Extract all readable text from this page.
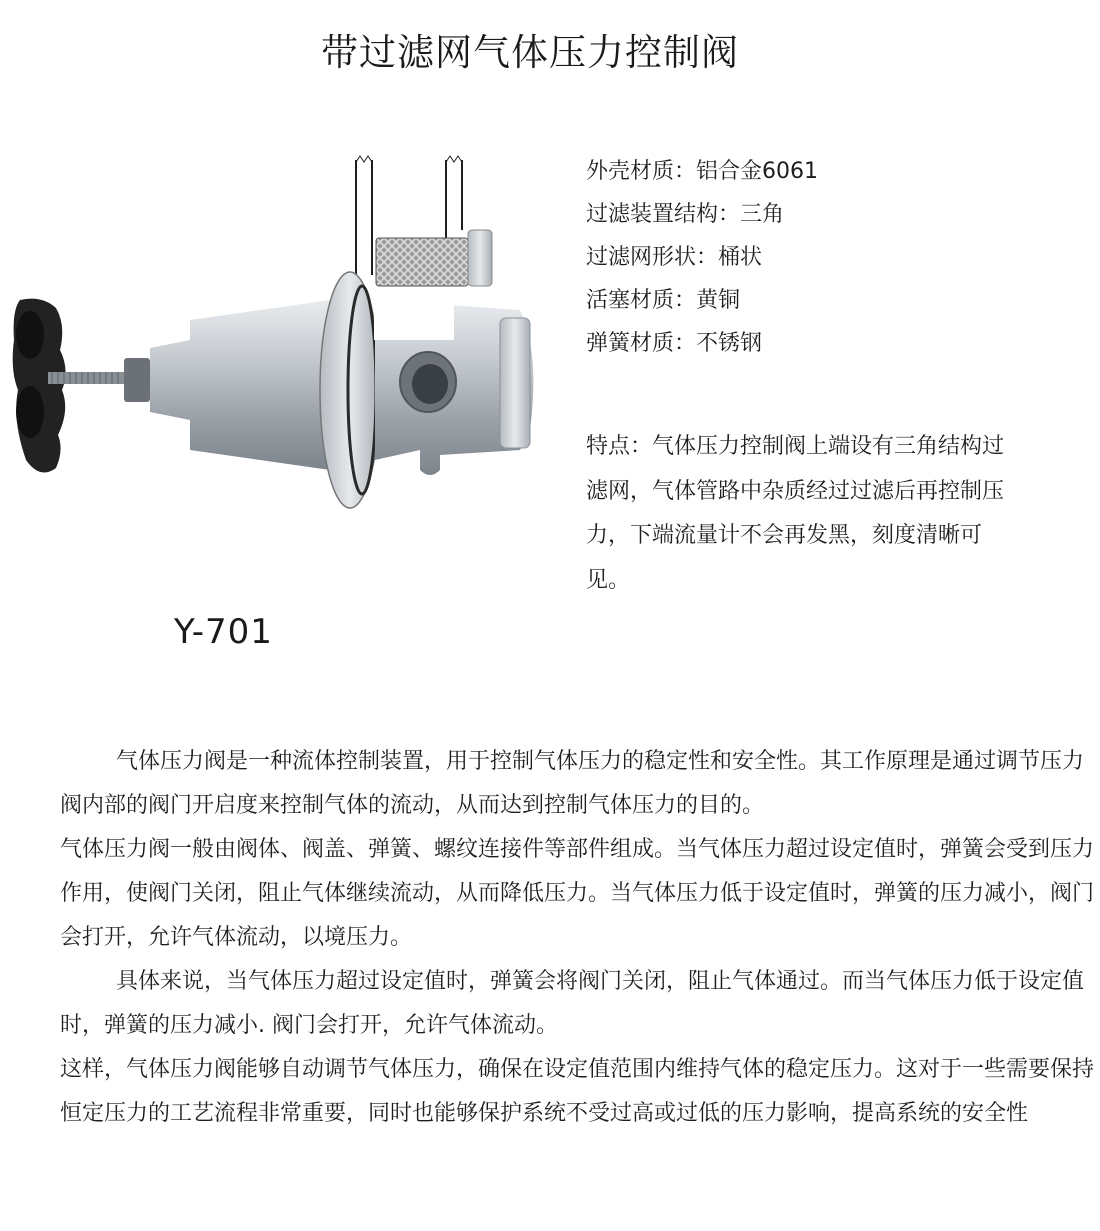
带过滤网气体压力控制阀
Y-701
外壳材质：铝合金6061
过滤装置结构：三角
过滤网形状：桶状
活塞材质：黄铜
弹簧材质：不锈钢
特点：气体压力控制阀上端设有三角结构过滤网，气体管路中杂质经过过滤后再控制压力，下端流量计不会再发黑，刻度清晰可见。

气体压力阀是一种流体控制装置，用于控制气体压力的稳定性和安全性。其工作原理是通过调节压力阀内部的阀门开启度来控制气体的流动，从而达到控制气体压力的目的。

气体压力阀一般由阀体、阀盖、弹簧、螺纹连接件等部件组成。当气体压力超过设定值时，弹簧会受到压力作用，使阀门关闭，阻止气体继续流动，从而降低压力。当气体压力低于设定值时，弹簧的压力减小，阀门会打开，允许气体流动，以境压力。

具体来说，当气体压力超过设定值时，弹簧会将阀门关闭，阻止气体通过。而当气体压力低于设定值时，弹簧的压力减小. 阀门会打开，允许气体流动。

这样，气体压力阀能够自动调节气体压力，确保在设定值范围内维持气体的稳定压力。这对于一些需要保持恒定压力的工艺流程非常重要，同时也能够保护系统不受过高或过低的压力影响，提高系统的安全性
